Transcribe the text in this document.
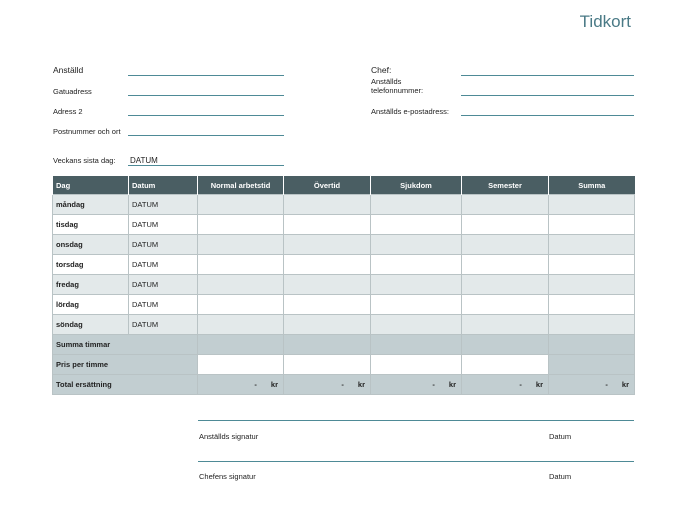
Tidkort
Anställd
Gatuadress
Adress 2
Postnummer och ort
Veckans sista dag: DATUM
Chef:
Anställds
telefonnummer:
Anställds e-postadress:
Dag	Datum	Normal arbetstid	Övertid	Sjukdom	Semester	Summa
måndag	DATUM					
tisdag	DATUM					
onsdag	DATUM					
torsdag	DATUM					
fredag	DATUM					
lördag	DATUM					
söndag	DATUM					
Summa timmar						
Pris per timme						
Total ersättning		- kr	- kr	- kr	- kr	- kr
Anställds signatur	Datum
Chefens signatur	Datum
